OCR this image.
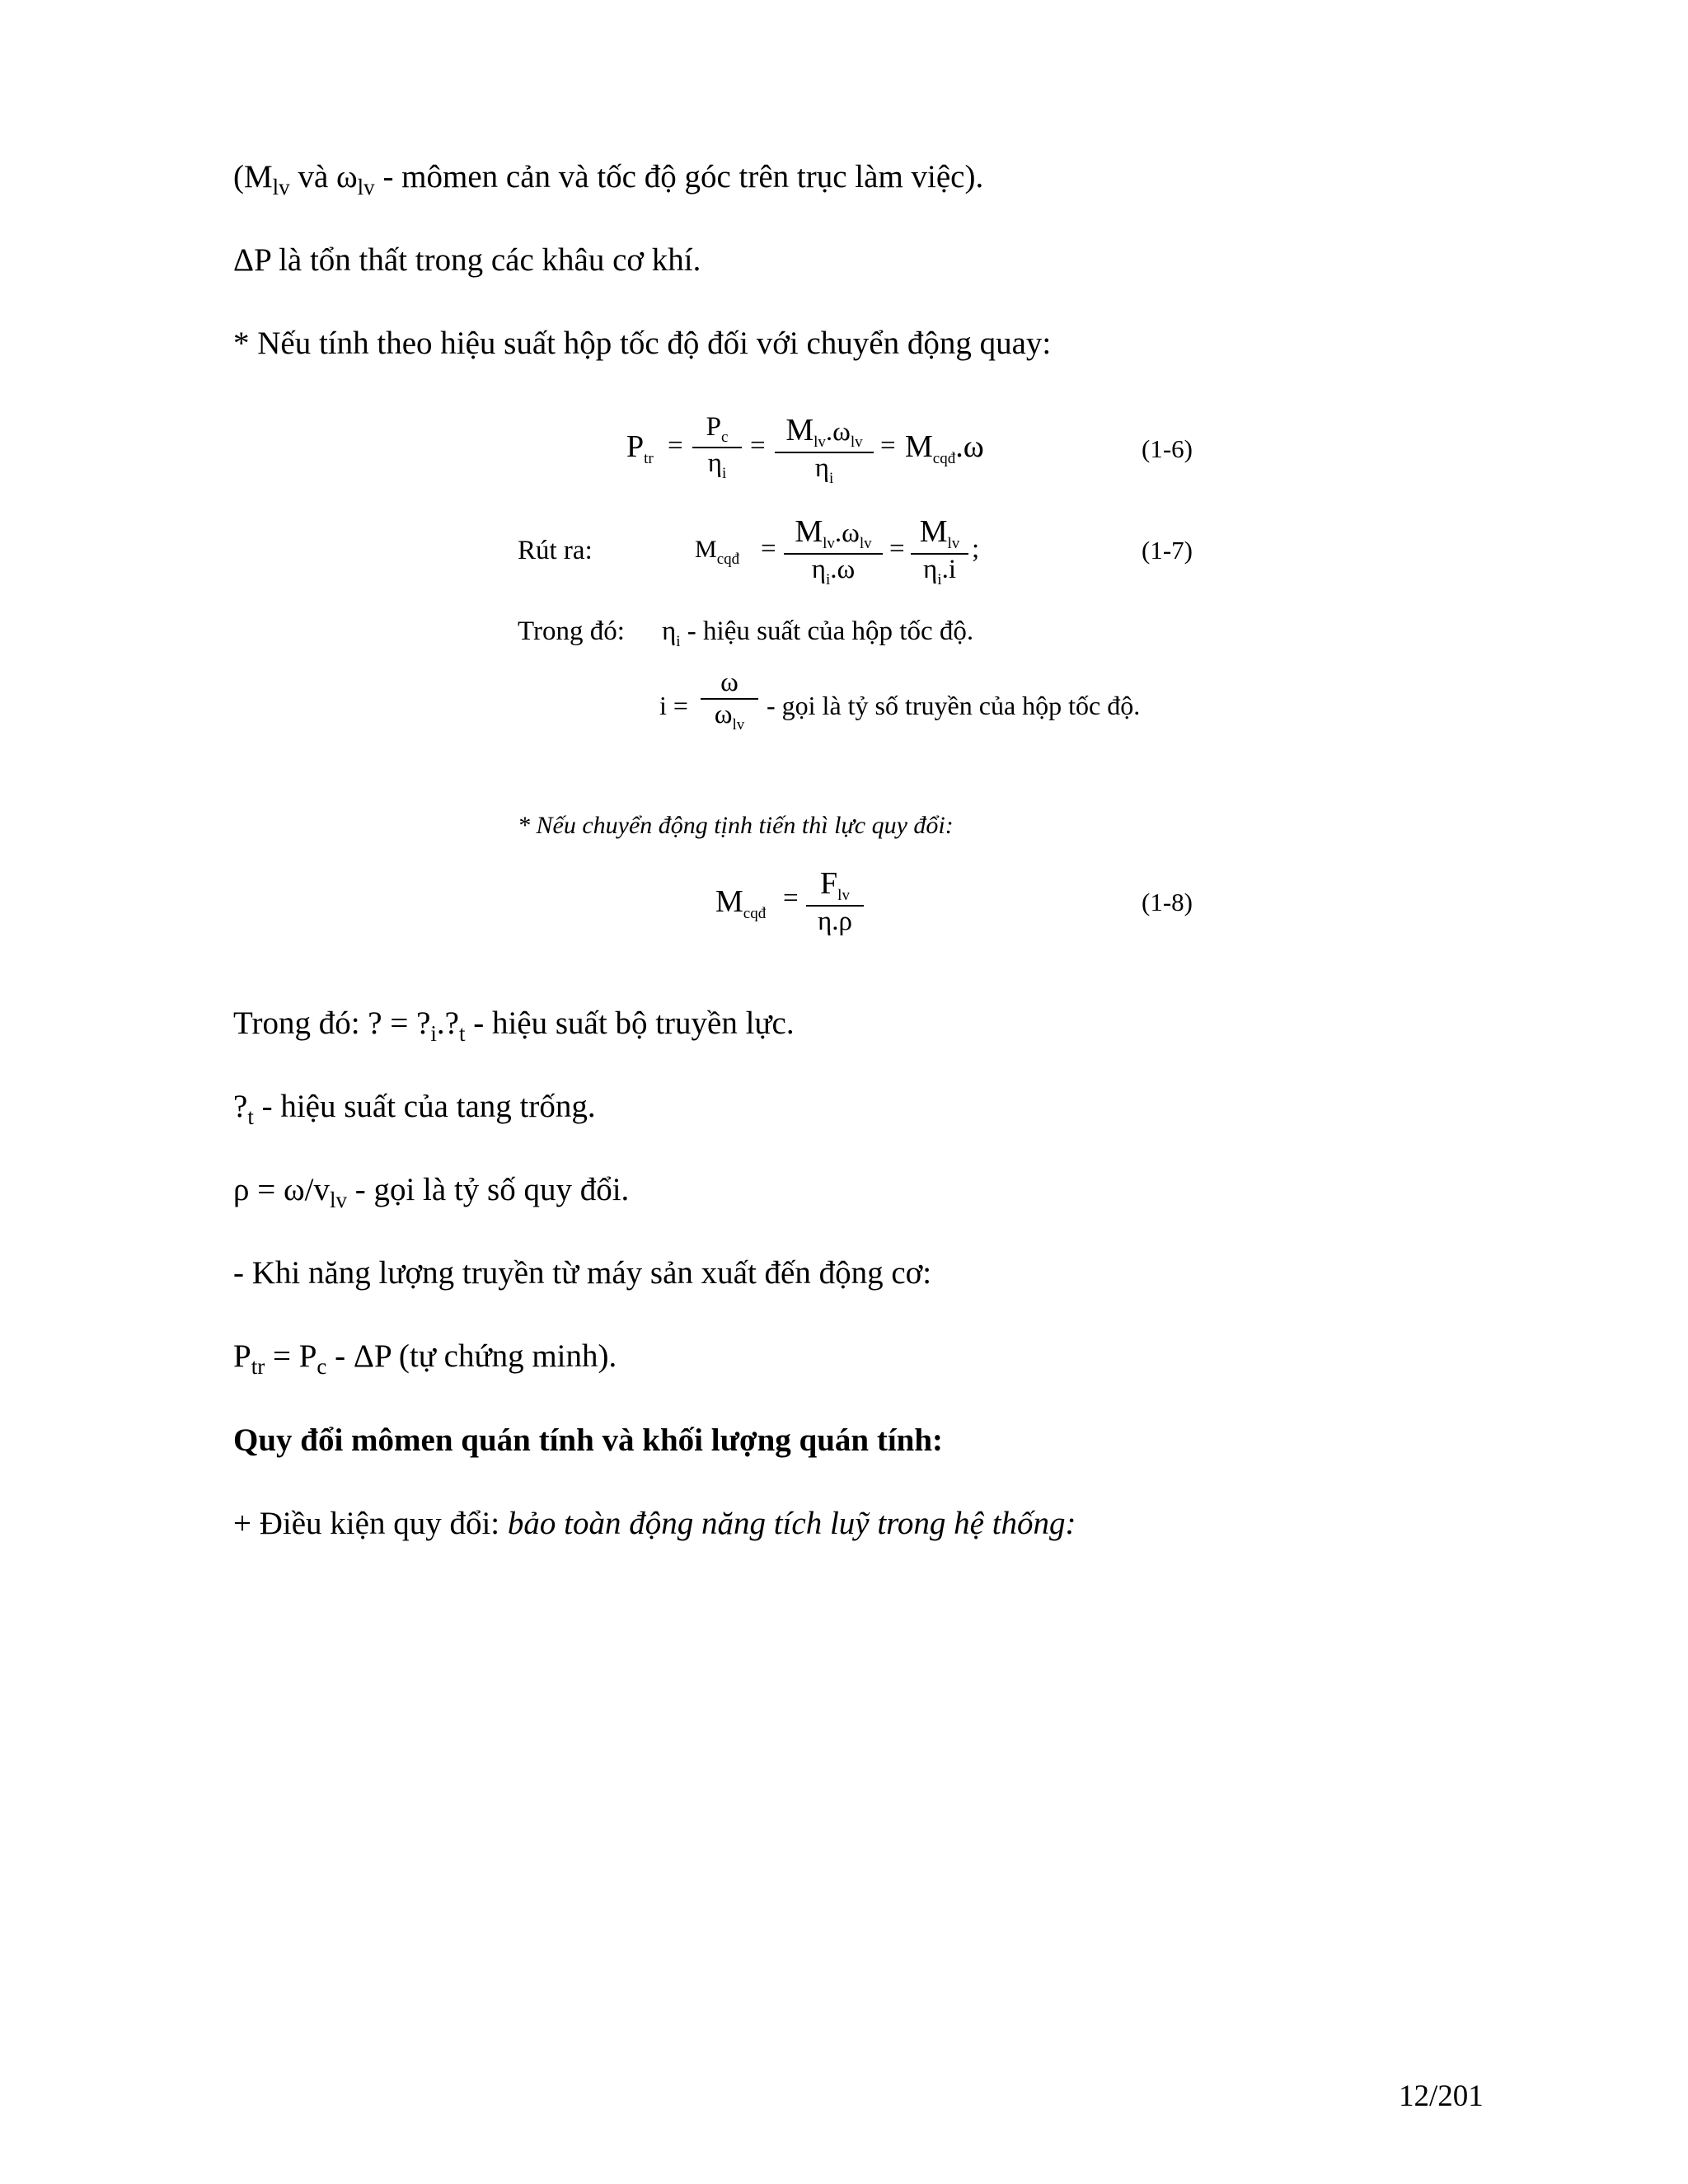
($M_{lv}$ và $\omega_{lv}$ - mômen cản và tốc độ góc trên trục làm việc).
ΔP là tổn thất trong các khâu cơ khí.
* Nếu tính theo hiệu suất hộp tốc độ đối với chuyển động quay:
$P_{tr}$ =
$P_c$
$\eta_i$
= $M_{lv}.\omega_{lv}$
$\eta_i$
= $M_{cqđ}.\omega$	(1-6)
Rút ra:	$M_{cqđ} = M_{lv}.\omega_{lv}$
$\eta_i.\omega$
= $M_{lv}$
$\eta_i.i$
;	(1-7)
Trong đó: $\eta_i$ - hiệu suất của hộp tốc độ.
i =
ω
$\omega_{lv}$
- gọi là tỷ số truyền của hộp tốc độ.
* Nếu chuyển động tịnh tiến thì lực quy đổi:
$M_{cqđ}$
= $F_{lv}$
η.ρ
(1-8)
Trong đó: ? = $?_i.?_t$ - hiệu suất bộ truyền lực.
$?_t$ - hiệu suất của tang trống.
$\rho = \omega/v_{lv}$ - gọi là tỷ số quy đổi.
- Khi năng lượng truyền từ máy sản xuất đến động cơ:
$P_{tr} = P_c - \Delta P$ (tự chứng minh).
Quy đổi mômen quán tính và khối lượng quán tính:
+ Điều kiện quy đổi: bảo toàn động năng tích luỹ trong hệ thống:
12/201
